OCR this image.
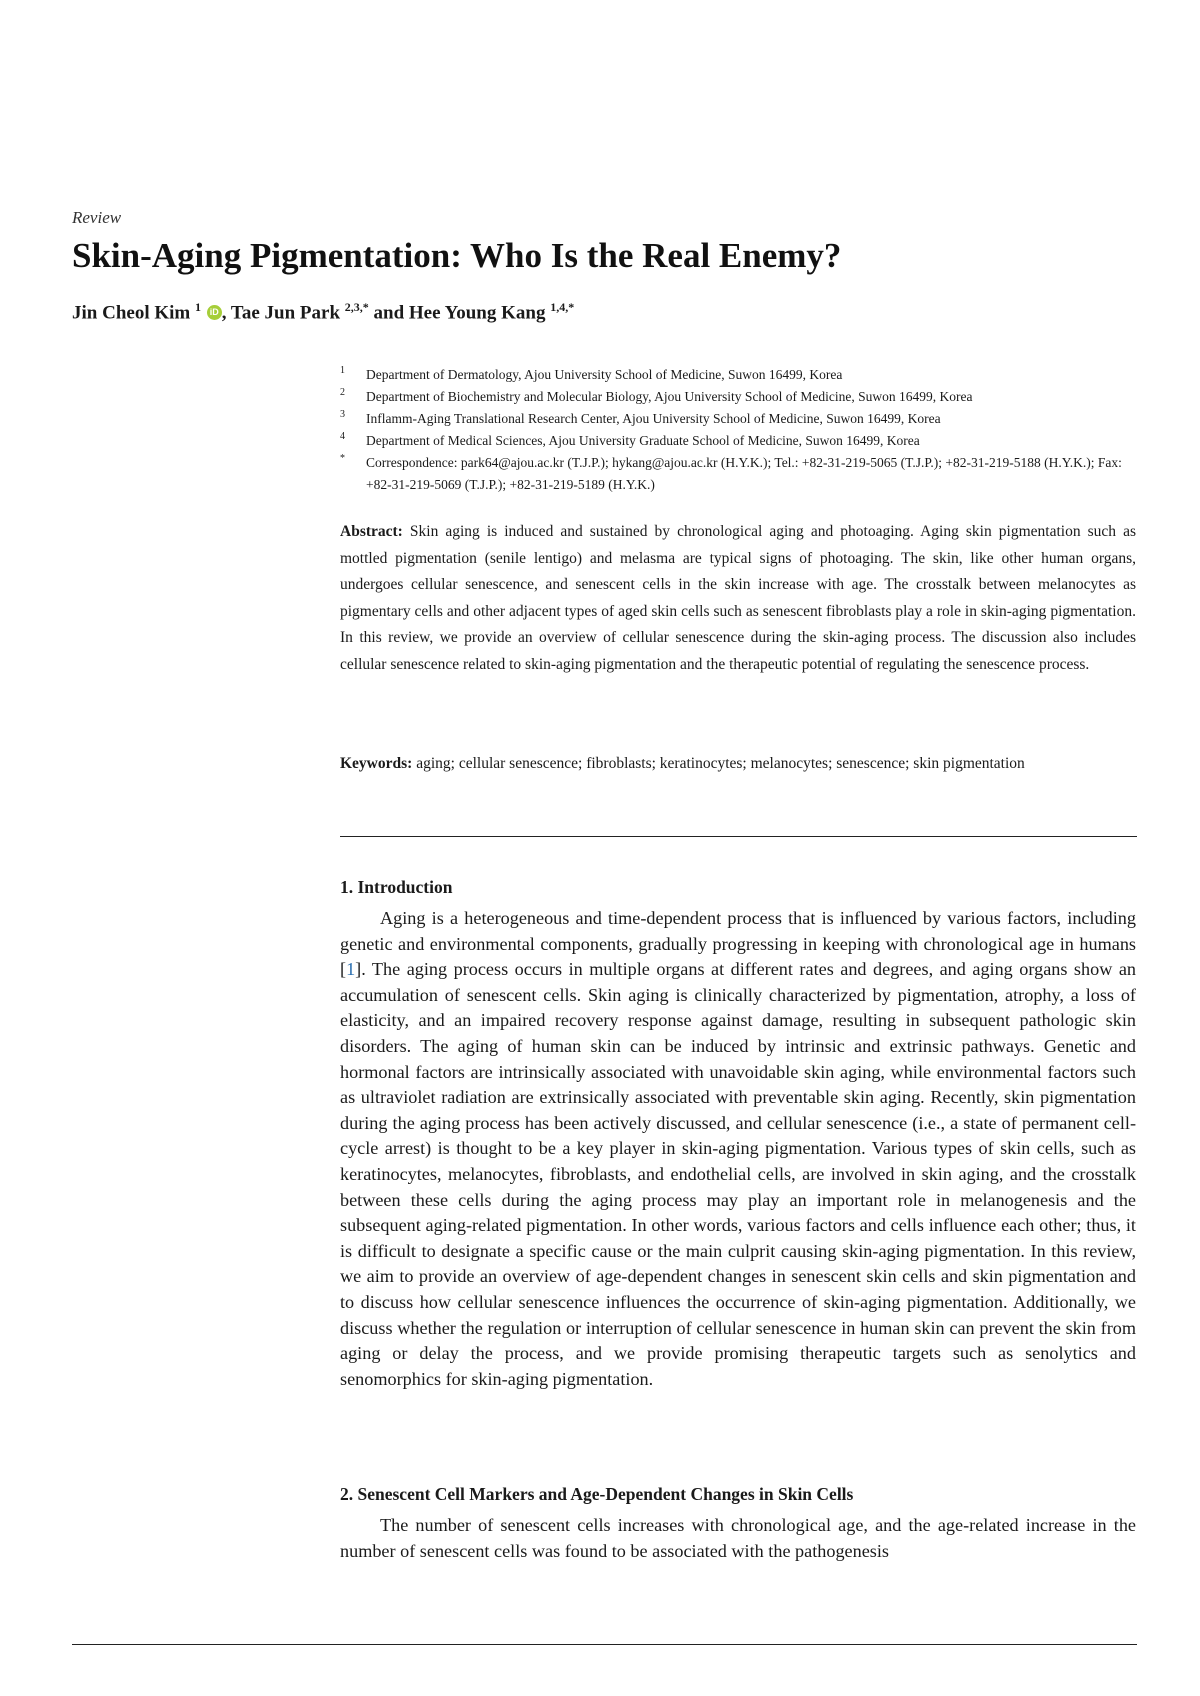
Review
Skin-Aging Pigmentation: Who Is the Real Enemy?
Jin Cheol Kim $^1$ iD , Tae Jun Park $^{2,3,*}$ and Hee Young Kang $^{1,4,*}$
1	Department of Dermatology, Ajou University School of Medicine, Suwon 16499, Korea
2	Department of Biochemistry and Molecular Biology, Ajou University School of Medicine, Suwon 16499, Korea
3	Inflamm-Aging Translational Research Center, Ajou University School of Medicine, Suwon 16499, Korea
4	Department of Medical Sciences, Ajou University Graduate School of Medicine, Suwon 16499, Korea
*	Correspondence: park64@ajou.ac.kr (T.J.P.); hykang@ajou.ac.kr (H.Y.K.); Tel.: +82-31-219-5065 (T.J.P.); +82-31-219-5188 (H.Y.K.); Fax: +82-31-219-5069 (T.J.P.); +82-31-219-5189 (H.Y.K.)

Abstract: Skin aging is induced and sustained by chronological aging and photoaging. Aging skin pigmentation such as mottled pigmentation (senile lentigo) and melasma are typical signs of photoaging. The skin, like other human organs, undergoes cellular senescence, and senescent cells in the skin increase with age. The crosstalk between melanocytes as pigmentary cells and other adjacent types of aged skin cells such as senescent fibroblasts play a role in skin-aging pigmentation. In this review, we provide an overview of cellular senescence during the skin-aging process. The discussion also includes cellular senescence related to skin-aging pigmentation and the therapeutic potential of regulating the senescence process.

Keywords: aging; cellular senescence; fibroblasts; keratinocytes; melanocytes; senescence; skin pigmentation

1. Introduction

Aging is a heterogeneous and time-dependent process that is influenced by various factors, including genetic and environmental components, gradually progressing in keeping with chronological age in humans [1]. The aging process occurs in multiple organs at different rates and degrees, and aging organs show an accumulation of senescent cells. Skin aging is clinically characterized by pigmentation, atrophy, a loss of elasticity, and an impaired recovery response against damage, resulting in subsequent pathologic skin disorders. The aging of human skin can be induced by intrinsic and extrinsic pathways. Genetic and hormonal factors are intrinsically associated with unavoidable skin aging, while environmental factors such as ultraviolet radiation are extrinsically associated with preventable skin aging. Recently, skin pigmentation during the aging process has been actively discussed, and cellular senescence (i.e., a state of permanent cell-cycle arrest) is thought to be a key player in skin-aging pigmentation. Various types of skin cells, such as keratinocytes, melanocytes, fibroblasts, and endothelial cells, are involved in skin aging, and the crosstalk between these cells during the aging process may play an important role in melanogenesis and the subsequent aging-related pigmentation. In other words, various factors and cells influence each other; thus, it is difficult to designate a specific cause or the main culprit causing skin-aging pigmentation. In this review, we aim to provide an overview of age-dependent changes in senescent skin cells and skin pigmentation and to discuss how cellular senescence influences the occurrence of skin-aging pigmentation. Additionally, we discuss whether the regulation or interruption of cellular senescence in human skin can prevent the skin from aging or delay the process, and we provide promising therapeutic targets such as senolytics and senomorphics for skin-aging pigmentation.

2. Senescent Cell Markers and Age-Dependent Changes in Skin Cells

The number of senescent cells increases with chronological age, and the age-related increase in the number of senescent cells was found to be associated with the pathogenesis
